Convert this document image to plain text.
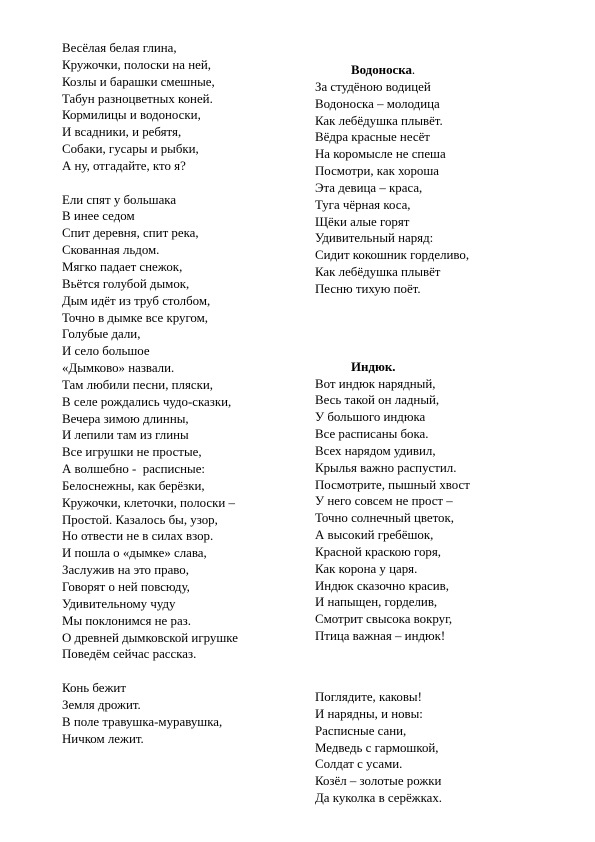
Весёлая белая глина,
Кружочки, полоски на ней,
Козлы и барашки смешные,
Табун разноцветных коней.
Кормилицы и водоноски,
И всадники, и ребятя,
Собаки, гусары и рыбки,
А ну, отгадайте, кто я?
Ели спят у большака
В инее седом
Спит деревня, спит река,
Скованная льдом.
Мягко падает снежок,
Вьётся голубой дымок,
Дым идёт из труб столбом,
Точно в дымке все кругом,
Голубые дали,
И село большое
«Дымково» назвали.
Там любили песни, пляски,
В селе рождались чудо-сказки,
Вечера зимою длинны,
И лепили там из глины
Все игрушки не простые,
А волшебно -  расписные:
Белоснежны, как берёзки,
Кружочки, клеточки, полоски –
Простой. Казалось бы, узор,
Но отвести не в силах взор.
И пошла о «дымке» слава,
Заслужив на это право,
Говорят о ней повсюду,
Удивительному чуду
Мы поклонимся не раз.
О древней дымковской игрушке
Поведём сейчас рассказ.
Конь бежит
Земля дрожит.
В поле травушка-муравушка,
Ничком лежит.
Водоноска.
За студёною водицей
Водоноска – молодица
Как лебёдушка плывёт.
Вёдра красные несёт
На коромысле не спеша
Посмотри, как хороша
Эта девица – краса,
Туга чёрная коса,
Щёки алые горят
Удивительный наряд:
Сидит кокошник горделиво,
Как лебёдушка плывёт
Песню тихую поёт.
Индюк.
Вот индюк нарядный,
Весь такой он ладный,
У большого индюка
Все расписаны бока.
Всех нарядом удивил,
Крылья важно распустил.
Посмотрите, пышный хвост
У него совсем не прост –
Точно солнечный цветок,
А высокий гребёшок,
Красной краскою горя,
Как корона у царя.
Индюк сказочно красив,
И напыщен, горделив,
Смотрит свысока вокруг,
Птица важная – индюк!
Поглядите, каковы!
И нарядны, и новы:
Расписные сани,
Медведь с гармошкой,
Солдат с усами.
Козёл – золотые рожки
Да куколка в серёжках.
